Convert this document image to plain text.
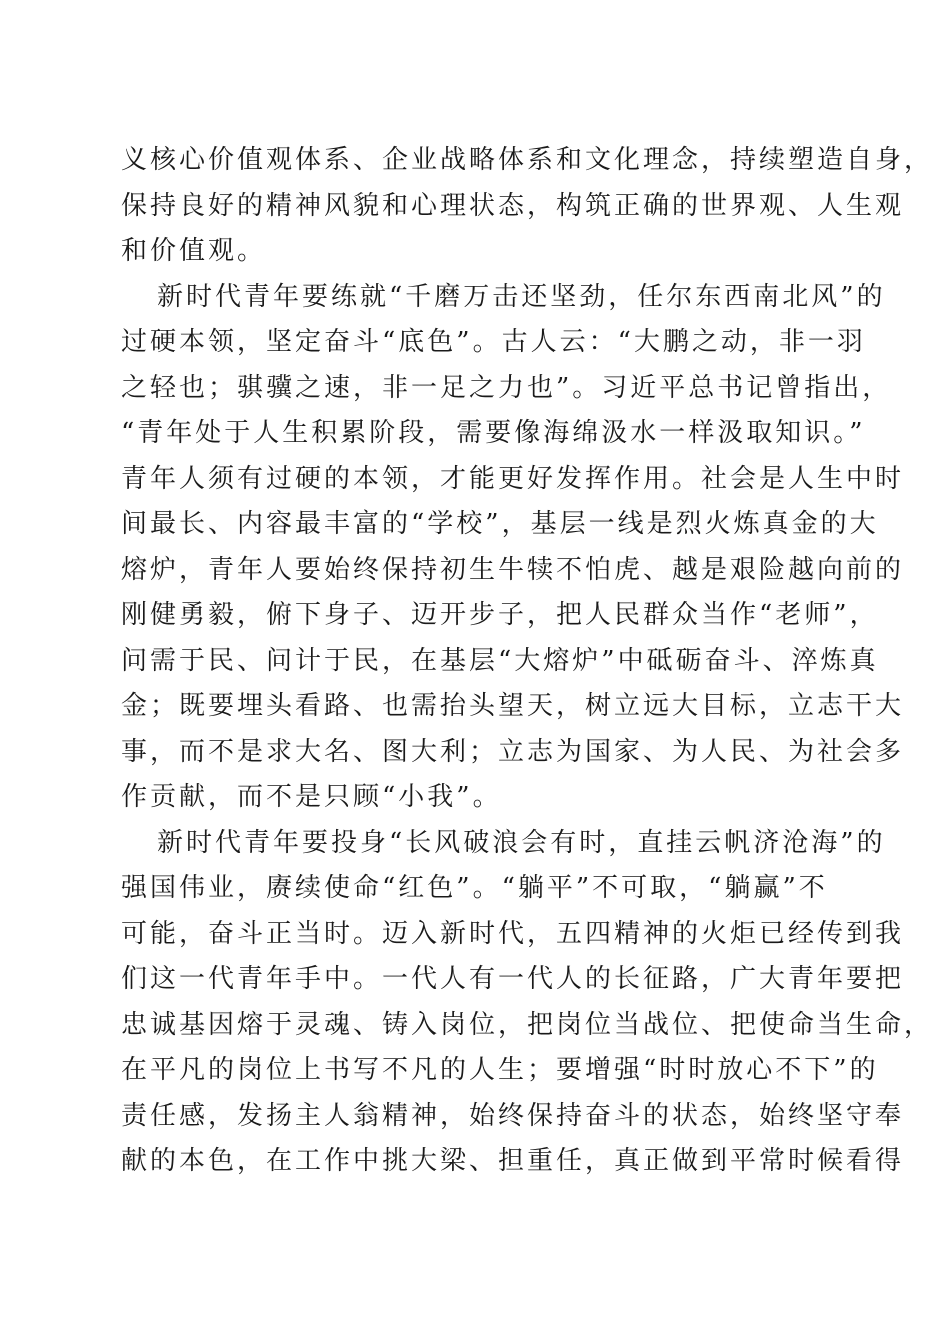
义核心价值观体系、企业战略体系和文化理念，持续塑造自身，
保持良好的精神风貌和心理状态，构筑正确的世界观、人生观
和价值观。
新时代青年要练就“千磨万击还坚劲，任尔东西南北风”的
过硬本领，坚定奋斗“底色”。古人云：“大鹏之动，非一羽
之轻也；骐骥之速，非一足之力也”。习近平总书记曾指出，
“青年处于人生积累阶段，需要像海绵汲水一样汲取知识。”
青年人须有过硬的本领，才能更好发挥作用。社会是人生中时
间最长、内容最丰富的“学校”，基层一线是烈火炼真金的大
熔炉，青年人要始终保持初生牛犊不怕虎、越是艰险越向前的
刚健勇毅，俯下身子、迈开步子，把人民群众当作“老师”，
问需于民、问计于民，在基层“大熔炉”中砥砺奋斗、淬炼真
金；既要埋头看路、也需抬头望天，树立远大目标，立志干大
事，而不是求大名、图大利；立志为国家、为人民、为社会多
作贡献，而不是只顾“小我”。
新时代青年要投身“长风破浪会有时，直挂云帆济沧海”的
强国伟业，赓续使命“红色”。“躺平”不可取，“躺赢”不
可能，奋斗正当时。迈入新时代，五四精神的火炬已经传到我
们这一代青年手中。一代人有一代人的长征路，广大青年要把
忠诚基因熔于灵魂、铸入岗位，把岗位当战位、把使命当生命，
在平凡的岗位上书写不凡的人生；要增强“时时放心不下”的
责任感，发扬主人翁精神，始终保持奋斗的状态，始终坚守奉
献的本色，在工作中挑大梁、担重任，真正做到平常时候看得
